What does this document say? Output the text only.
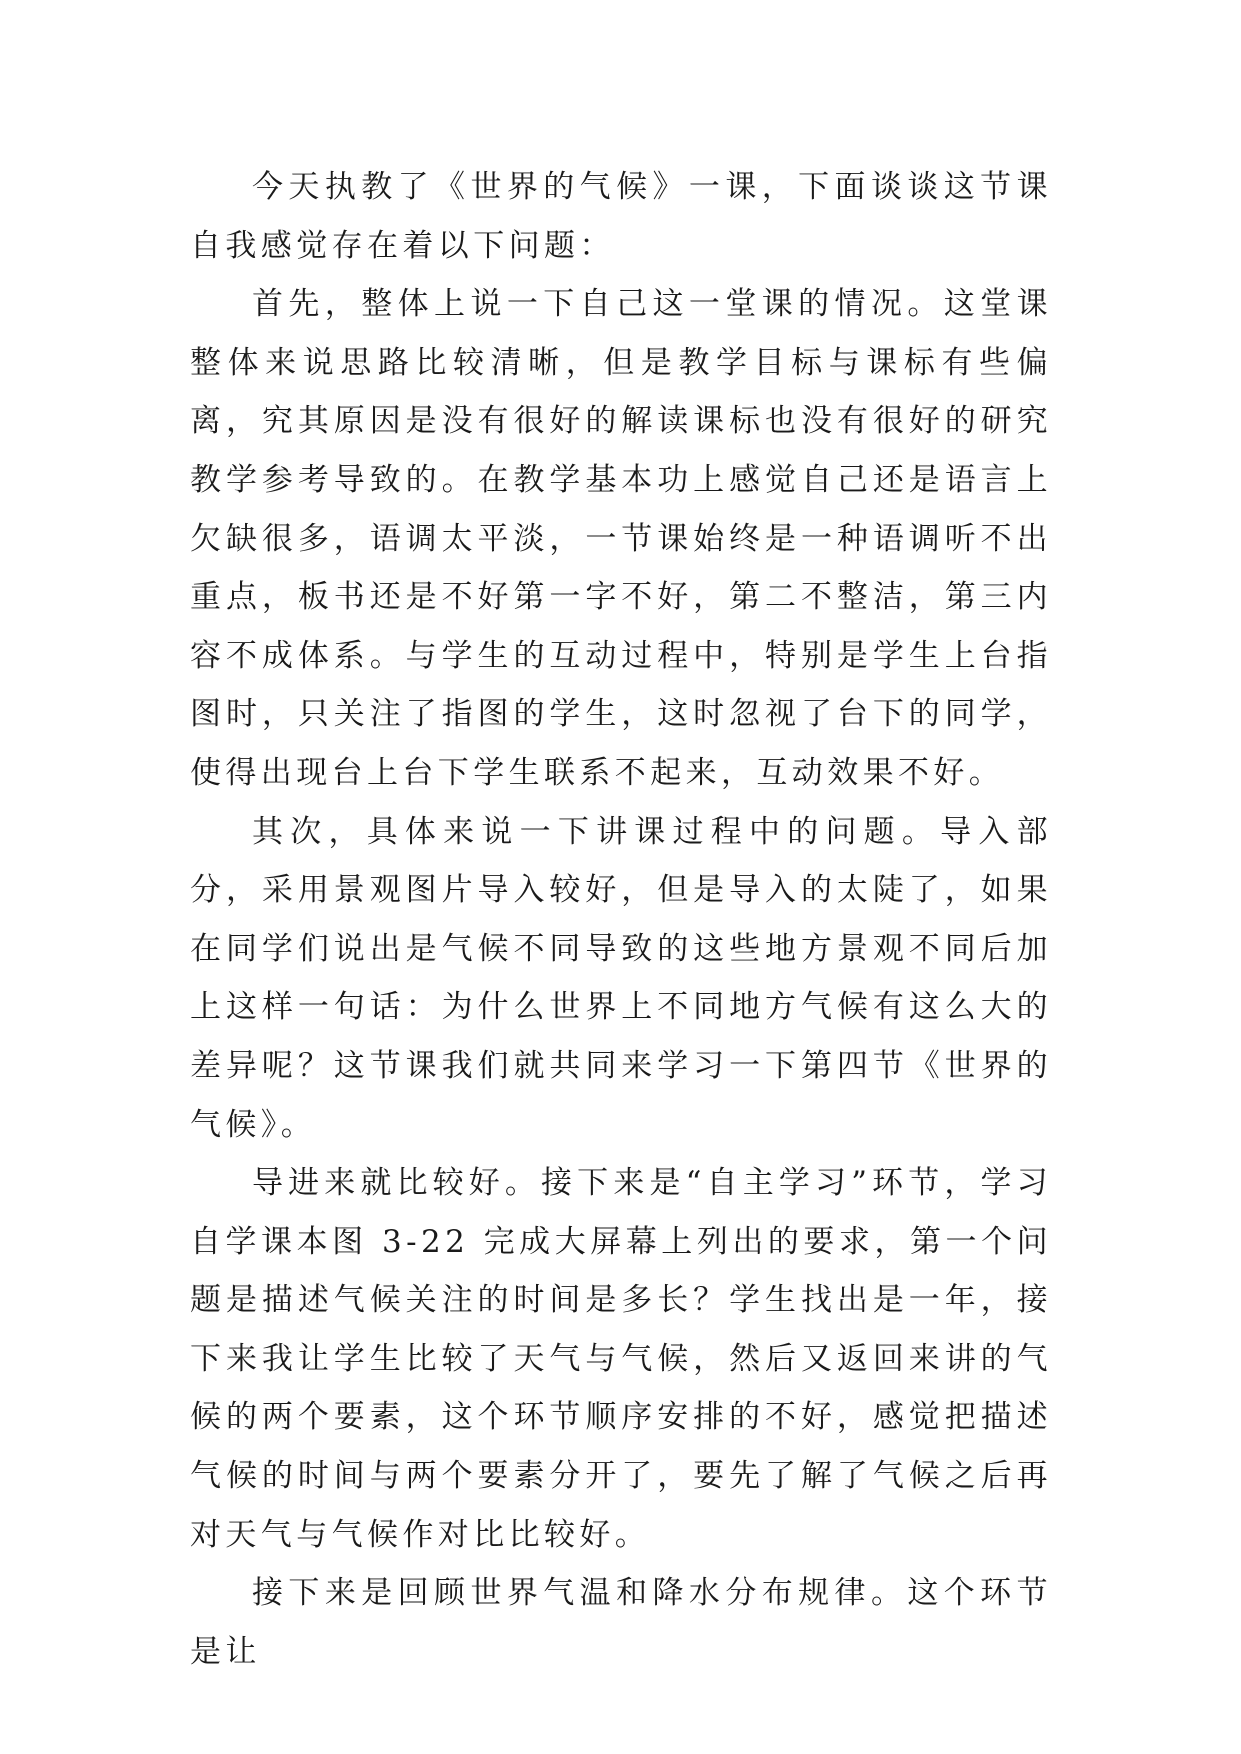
今天执教了《世界的气候》一课，下面谈谈这节课自我感觉存在着以下问题：

首先，整体上说一下自己这一堂课的情况。这堂课整体来说思路比较清晰，但是教学目标与课标有些偏离，究其原因是没有很好的解读课标也没有很好的研究教学参考导致的。在教学基本功上感觉自己还是语言上欠缺很多，语调太平淡，一节课始终是一种语调听不出重点，板书还是不好第一字不好，第二不整洁，第三内容不成体系。与学生的互动过程中，特别是学生上台指图时，只关注了指图的学生，这时忽视了台下的同学，使得出现台上台下学生联系不起来，互动效果不好。

其次，具体来说一下讲课过程中的问题。导入部分，采用景观图片导入较好，但是导入的太陡了，如果在同学们说出是气候不同导致的这些地方景观不同后加上这样一句话：为什么世界上不同地方气候有这么大的差异呢？这节课我们就共同来学习一下第四节《世界的气候》。

导进来就比较好。接下来是“自主学习”环节，学习自学课本图 3-22 完成大屏幕上列出的要求，第一个问题是描述气候关注的时间是多长？学生找出是一年，接下来我让学生比较了天气与气候，然后又返回来讲的气候的两个要素，这个环节顺序安排的不好，感觉把描述气候的时间与两个要素分开了，要先了解了气候之后再对天气与气候作对比比较好。

接下来是回顾世界气温和降水分布规律。这个环节是让
